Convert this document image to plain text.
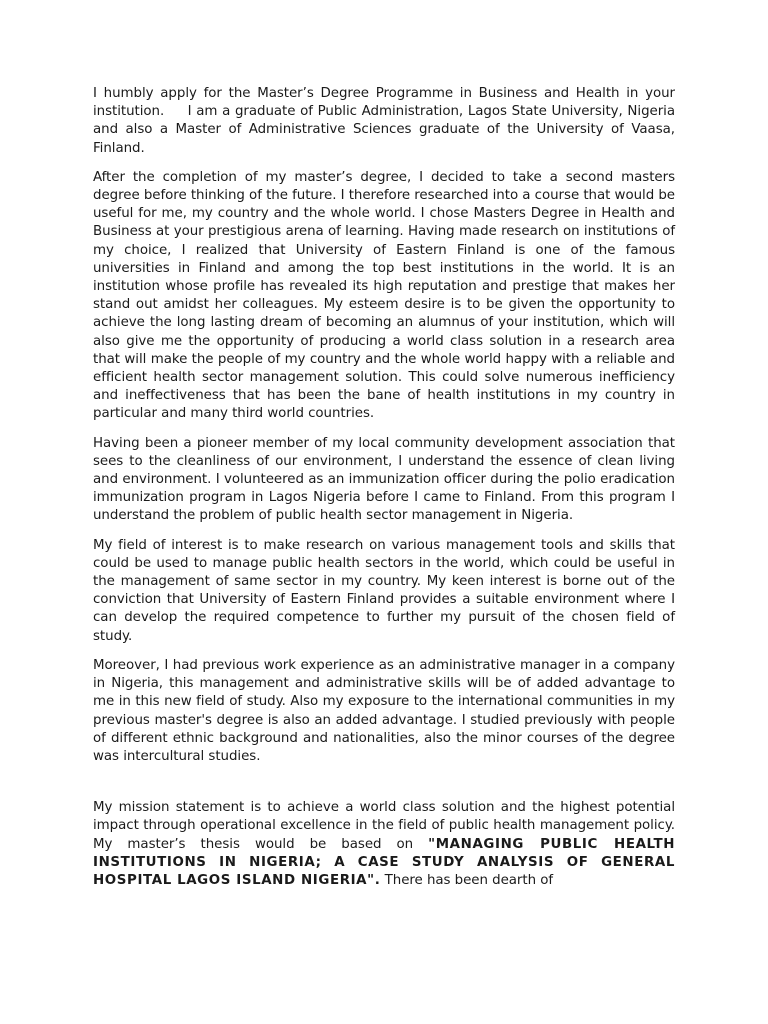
I humbly apply for the Master’s Degree Programme in Business and Health in your institution.     I am a graduate of Public Administration, Lagos State University, Nigeria and also a Master of Administrative Sciences graduate of the University of Vaasa, Finland.

After the completion of my master’s degree, I decided to take a second masters degree before thinking of the future. I therefore researched into a course that would be useful for me, my country and the whole world. I chose Masters Degree in Health and Business at your prestigious arena of learning. Having made research on institutions of my choice, I realized that University of Eastern Finland is one of the famous universities in Finland and among the top best institutions in the world. It is an institution whose profile has revealed its high reputation and prestige that makes her stand out amidst her colleagues. My esteem desire is to be given the opportunity to achieve the long lasting dream of becoming an alumnus of your institution, which will also give me the opportunity of producing a world class solution in a research area that will make the people of my country and the whole world happy with a reliable and efficient health sector management solution. This could solve numerous inefficiency and ineffectiveness that has been the bane of health institutions in my country in particular and many third world countries.

Having been a pioneer member of my local community development association that sees to the cleanliness of our environment, I understand the essence of clean living and environment. I volunteered as an immunization officer during the polio eradication immunization program in Lagos Nigeria before I came to Finland. From this program I understand the problem of public health sector management in Nigeria.

My field of interest is to make research on various management tools and skills that could be used to manage public health sectors in the world, which could be useful in the management of same sector in my country. My keen interest is borne out of the conviction that University of Eastern Finland provides a suitable environment where I can develop the required competence to further my pursuit of the chosen field of study.

Moreover, I had previous work experience as an administrative manager in a company in Nigeria, this management and administrative skills will be of added advantage to me in this new field of study. Also my exposure to the international communities in my previous master's degree is also an added advantage. I studied previously with people of different ethnic background and nationalities, also the minor courses of the degree was intercultural studies.

My mission statement is to achieve a world class solution and the highest potential impact through operational excellence in the field of public health management policy. My master’s thesis would be based on "MANAGING PUBLIC HEALTH INSTITUTIONS IN NIGERIA; A CASE STUDY ANALYSIS OF GENERAL HOSPITAL LAGOS ISLAND NIGERIA". There has been dearth of
